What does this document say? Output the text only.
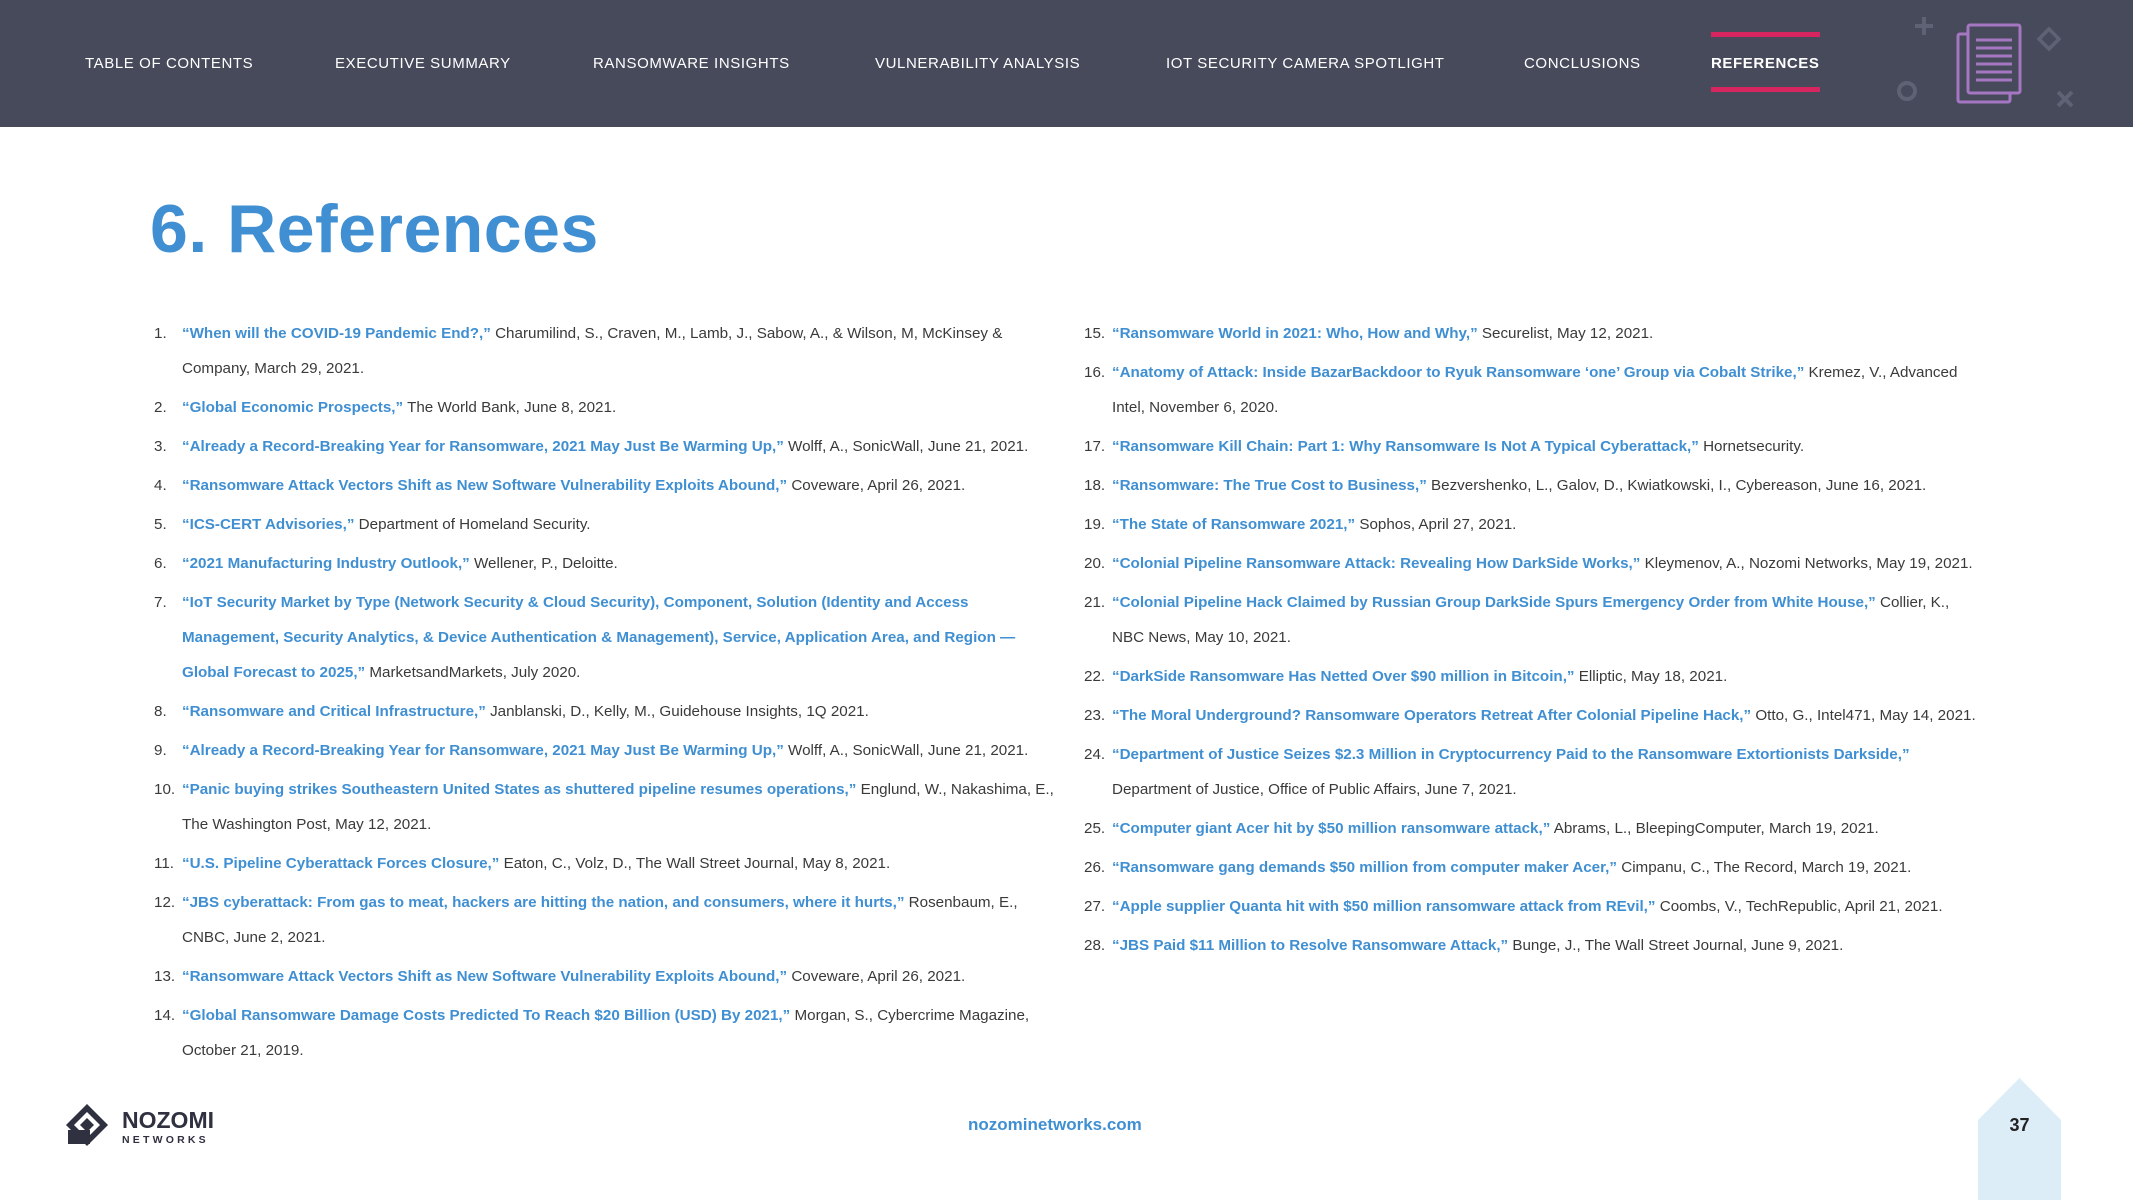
TABLE OF CONTENTS	EXECUTIVE SUMMARY	RANSOMWARE INSIGHTS	VULNERABILITY ANALYSIS	IOT SECURITY CAMERA SPOTLIGHT	CONCLUSIONS	REFERENCES
6. References
1. “When will the COVID-19 Pandemic End?,” Charumilind, S., Craven, M., Lamb, J., Sabow, A., & Wilson, M, McKinsey & Company, March 29, 2021.
2. “Global Economic Prospects,” The World Bank, June 8, 2021.
3. “Already a Record-Breaking Year for Ransomware, 2021 May Just Be Warming Up,” Wolff, A., SonicWall, June 21, 2021.
4. “Ransomware Attack Vectors Shift as New Software Vulnerability Exploits Abound,” Coveware, April 26, 2021.
5. “ICS-CERT Advisories,” Department of Homeland Security.
6. “2021 Manufacturing Industry Outlook,” Wellener, P., Deloitte.
7. “IoT Security Market by Type (Network Security & Cloud Security), Component, Solution (Identity and Access Management, Security Analytics, & Device Authentication & Management), Service, Application Area, and Region — Global Forecast to 2025,” MarketsandMarkets, July 2020.
8. “Ransomware and Critical Infrastructure,” Janblanski, D., Kelly, M., Guidehouse Insights, 1Q 2021.
9. “Already a Record-Breaking Year for Ransomware, 2021 May Just Be Warming Up,” Wolff, A., SonicWall, June 21, 2021.
10. “Panic buying strikes Southeastern United States as shuttered pipeline resumes operations,” Englund, W., Nakashima, E., The Washington Post, May 12, 2021.
11. “U.S. Pipeline Cyberattack Forces Closure,” Eaton, C., Volz, D., The Wall Street Journal, May 8, 2021.
12. “JBS cyberattack: From gas to meat, hackers are hitting the nation, and consumers, where it hurts,” Rosenbaum, E., CNBC, June 2, 2021.
13. “Ransomware Attack Vectors Shift as New Software Vulnerability Exploits Abound,” Coveware, April 26, 2021.
14. “Global Ransomware Damage Costs Predicted To Reach $20 Billion (USD) By 2021,” Morgan, S., Cybercrime Magazine, October 21, 2019.
15. “Ransomware World in 2021: Who, How and Why,” Securelist, May 12, 2021.
16. “Anatomy of Attack: Inside BazarBackdoor to Ryuk Ransomware ‘one’ Group via Cobalt Strike,” Kremez, V., Advanced Intel, November 6, 2020.
17. “Ransomware Kill Chain: Part 1: Why Ransomware Is Not A Typical Cyberattack,” Hornetsecurity.
18. “Ransomware: The True Cost to Business,” Bezvershenko, L., Galov, D., Kwiatkowski, I., Cybereason, June 16, 2021.
19. “The State of Ransomware 2021,” Sophos, April 27, 2021.
20. “Colonial Pipeline Ransomware Attack: Revealing How DarkSide Works,” Kleymenov, A., Nozomi Networks, May 19, 2021.
21. “Colonial Pipeline Hack Claimed by Russian Group DarkSide Spurs Emergency Order from White House,” Collier, K., NBC News, May 10, 2021.
22. “DarkSide Ransomware Has Netted Over $90 million in Bitcoin,” Elliptic, May 18, 2021.
23. “The Moral Underground? Ransomware Operators Retreat After Colonial Pipeline Hack,” Otto, G., Intel471, May 14, 2021.
24. “Department of Justice Seizes $2.3 Million in Cryptocurrency Paid to the Ransomware Extortionists Darkside,” Department of Justice, Office of Public Affairs, June 7, 2021.
25. “Computer giant Acer hit by $50 million ransomware attack,” Abrams, L., BleepingComputer, March 19, 2021.
26. “Ransomware gang demands $50 million from computer maker Acer,” Cimpanu, C., The Record, March 19, 2021.
27. “Apple supplier Quanta hit with $50 million ransomware attack from REvil,” Coombs, V., TechRepublic, April 21, 2021.
28. “JBS Paid $11 Million to Resolve Ransomware Attack,” Bunge, J., The Wall Street Journal, June 9, 2021.
NOZOMI
NETWORKS
nozominetworks.com	37
